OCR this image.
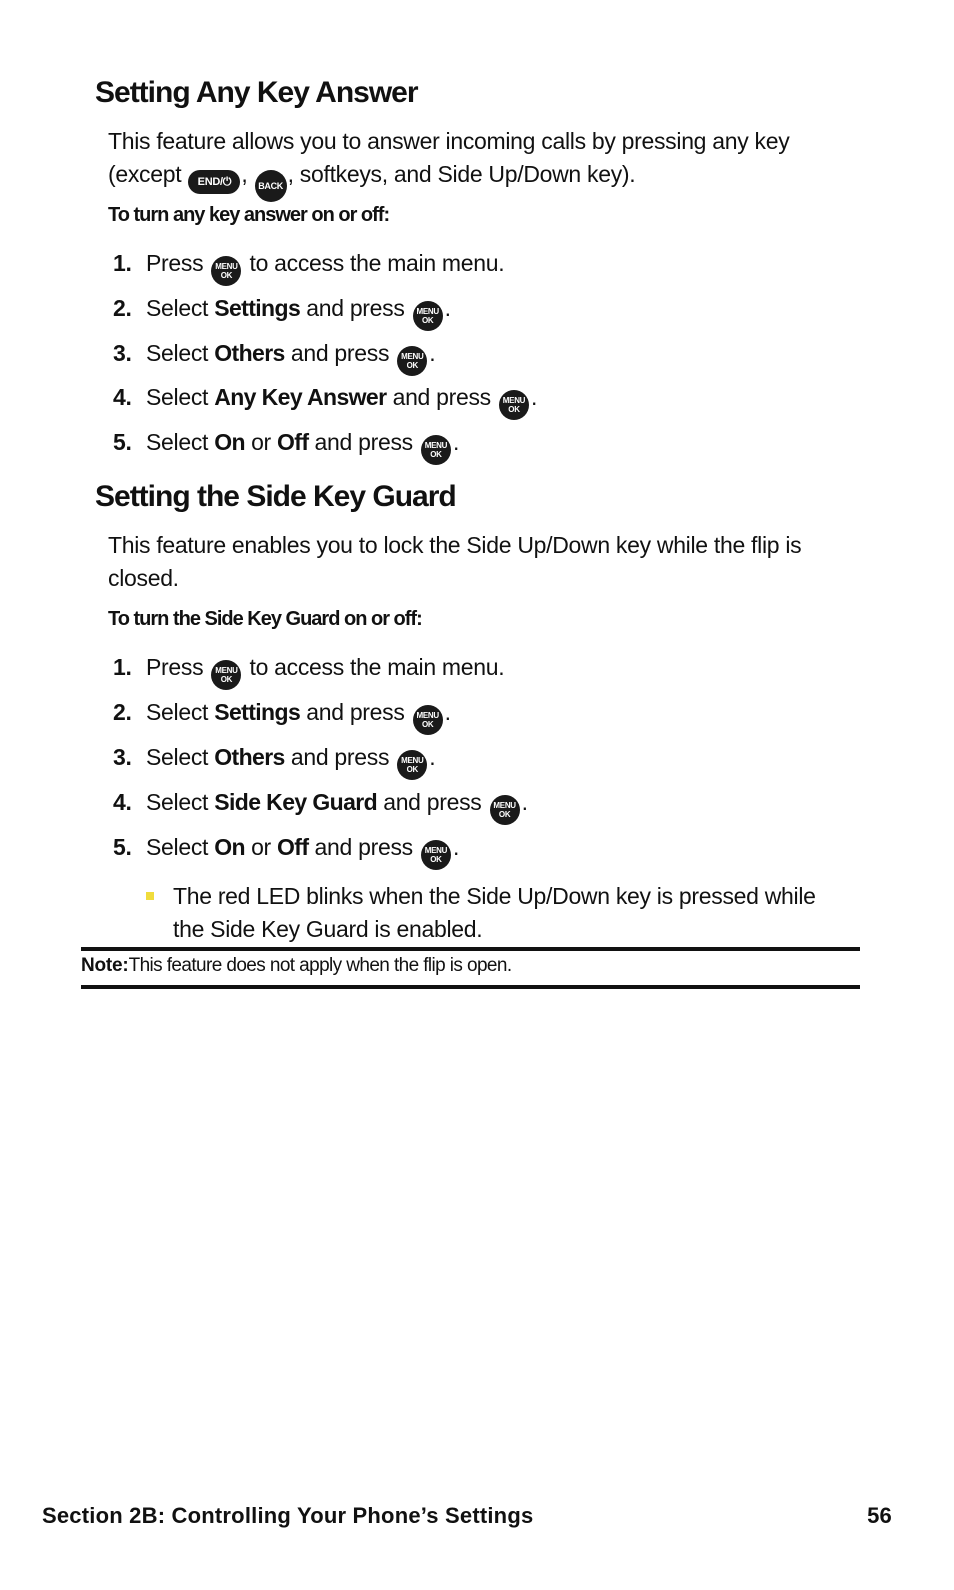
Setting Any Key Answer

This feature allows you to answer incoming calls by pressing any key
(except END/⏻ , BACK , softkeys, and Side Up/Down key).

To turn any key answer on or off:

1. Press MENU
OK to access the main menu.

2. Select Settings and press MENU
OK .

3. Select Others and press MENU
OK .

4. Select Any Key Answer and press MENU
OK .

5. Select On or Off and press MENU
OK .

Setting the Side Key Guard

This feature enables you to lock the Side Up/Down key while the flip is closed.

To turn the Side Key Guard on or off:

1. Press MENU
OK to access the main menu.

2. Select Settings and press MENU
OK .

3. Select Others and press MENU
OK .

4. Select Side Key Guard and press MENU
OK .

5. Select On or Off and press MENU
OK .

The red LED blinks when the Side Up/Down key is pressed while the Side Key Guard is enabled.

Note:This feature does not apply when the flip is open.

Section 2B: Controlling Your Phone’s Settings	56
